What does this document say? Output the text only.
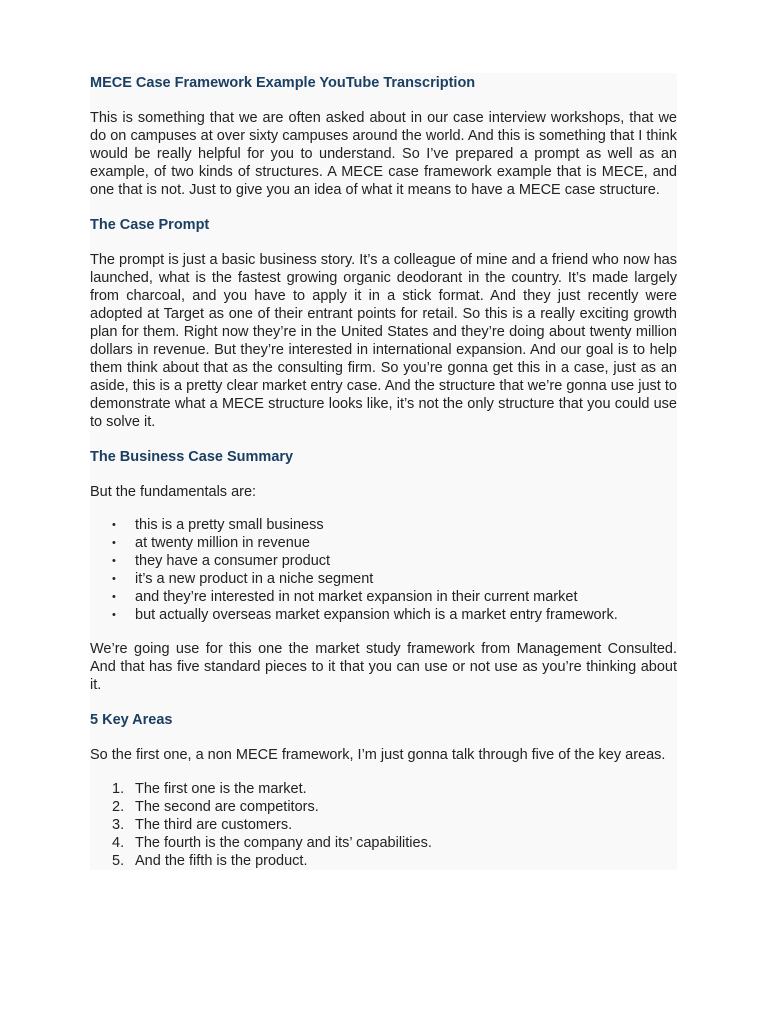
MECE Case Framework Example YouTube Transcription

This is something that we are often asked about in our case interview workshops, that we do on campuses at over sixty campuses around the world. And this is something that I think would be really helpful for you to understand. So I’ve prepared a prompt as well as an example, of two kinds of structures. A MECE case framework example that is MECE, and one that is not. Just to give you an idea of what it means to have a MECE case structure.

The Case Prompt

The prompt is just a basic business story. It’s a colleague of mine and a friend who now has launched, what is the fastest growing organic deodorant in the country. It’s made largely from charcoal, and you have to apply it in a stick format. And they just recently were adopted at Target as one of their entrant points for retail. So this is a really exciting growth plan for them. Right now they’re in the United States and they’re doing about twenty million dollars in revenue. But they’re interested in international expansion. And our goal is to help them think about that as the consulting firm. So you’re gonna get this in a case, just as an aside, this is a pretty clear market entry case. And the structure that we’re gonna use just to demonstrate what a MECE structure looks like, it’s not the only structure that you could use to solve it.

The Business Case Summary

But the fundamentals are:

• this is a pretty small business
• at twenty million in revenue
• they have a consumer product
• it’s a new product in a niche segment
• and they’re interested in not market expansion in their current market
• but actually overseas market expansion which is a market entry framework.

We’re going use for this one the market study framework from Management Consulted. And that has five standard pieces to it that you can use or not use as you’re thinking about it.

5 Key Areas

So the first one, a non MECE framework, I’m just gonna talk through five of the key areas.

1. The first one is the market.
2. The second are competitors.
3. The third are customers.
4. The fourth is the company and its’ capabilities.
5. And the fifth is the product.
